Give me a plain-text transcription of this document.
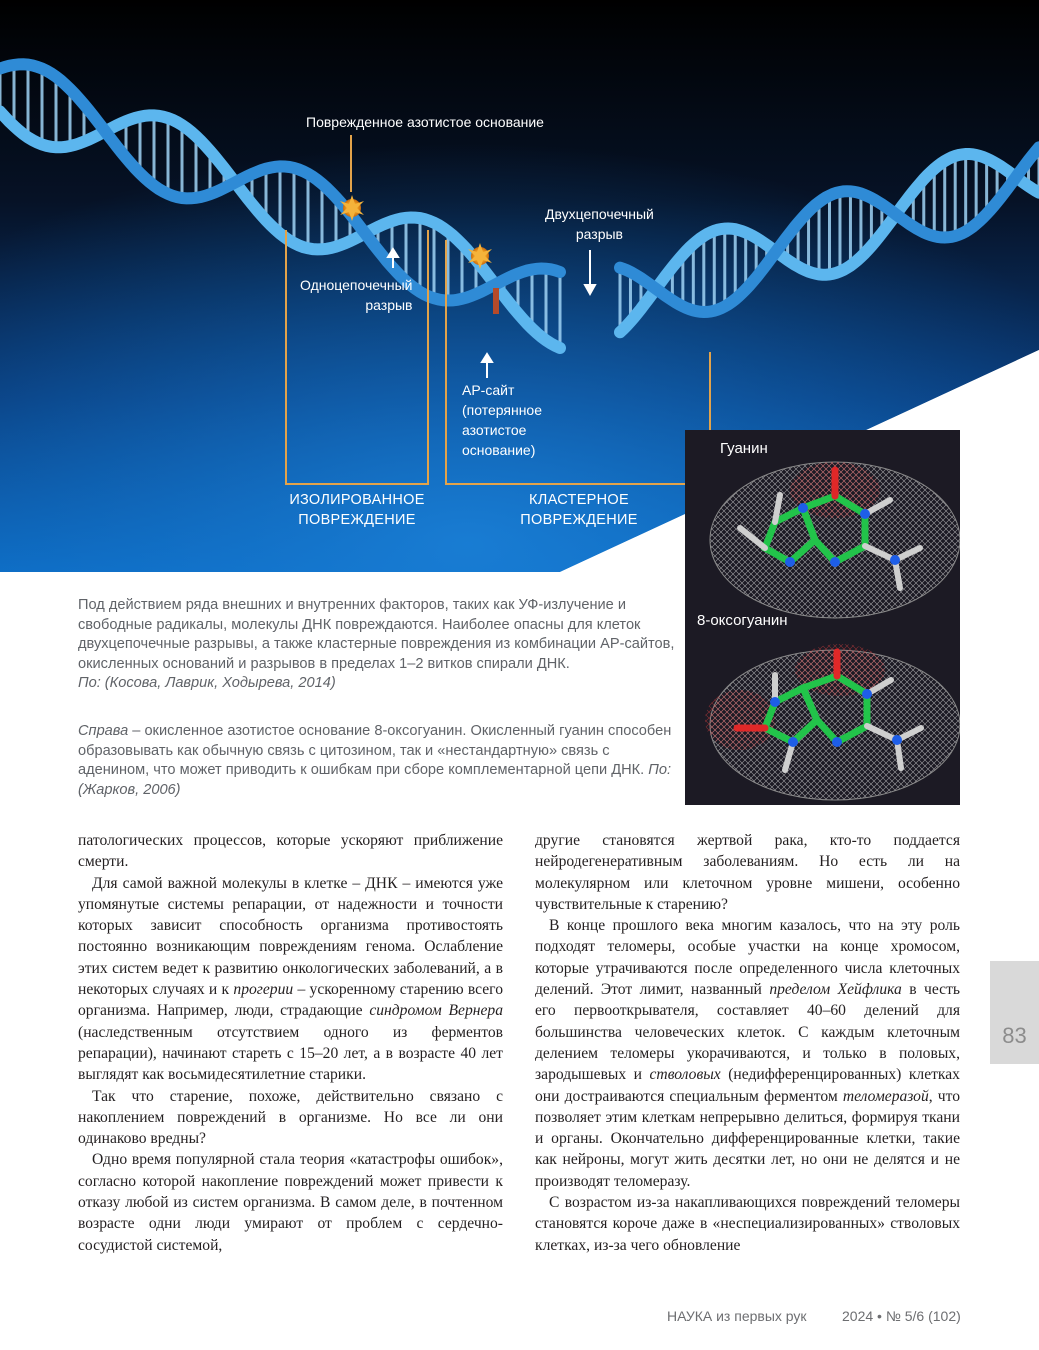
Поврежденное азотистое основание
Двухцепочечный
разрыв
Одноцепочечный
разрыв
АР-сайт
(потерянное
азотистое
основание)
ИЗОЛИРОВАННОЕ
ПОВРЕЖДЕНИЕ
КЛАСТЕРНОЕ ПОВРЕЖДЕНИЕ
Гуанин
8-оксогуанин
Под действием ряда внешних и внутренних факторов, таких как УФ-излучение и свободные радикалы, молекулы ДНК повреждаются. Наиболее опасны для клеток двухцепочечные разрывы, а также кластерные повреждения из комбинации АР-сайтов, окисленных оснований и разрывов в пределах 1–2 витков спирали ДНК.
По: (Косова, Лаврик, Ходырева, 2014)
Справа – окисленное азотистое основание 8-оксогуанин. Окисленный гуанин способен образовывать как обычную связь с цитозином, так и «нестандартную» связь с аденином, что может приводить к ошибкам при сборе комплементарной цепи ДНК. По: (Жарков, 2006)

патологических процессов, которые ускоряют приближение смерти.

Для самой важной молекулы в клетке – ДНК – имеются уже упомянутые системы репарации, от надежности и точности которых зависит способность организма противостоять постоянно возникающим повреждениям генома. Ослабление этих систем ведет к развитию онкологических заболеваний, а в некоторых случаях и к прогерии – ускоренному старению всего организма. Например, люди, страдающие синдромом Вернера (наследственным отсутствием одного из ферментов репарации), начинают стареть с 15–20 лет, а в возрасте 40 лет выглядят как восьмидесятилетние старики.

Так что старение, похоже, действительно связано с накоплением повреждений в организме. Но все ли они одинаково вредны?

Одно время популярной стала теория «катастрофы ошибок», согласно которой накопление повреждений может привести к отказу любой из систем организма. В самом деле, в почтенном возрасте одни люди умирают от проблем с сердечно-сосудистой системой,

другие становятся жертвой рака, кто-то поддается нейродегенеративным заболеваниям. Но есть ли на молекулярном или клеточном уровне мишени, особенно чувствительные к старению?

В конце прошлого века многим казалось, что на эту роль подходят теломеры, особые участки на конце хромосом, которые утрачиваются после определенного числа клеточных делений. Этот лимит, названный пределом Хейфлика в честь его первооткрывателя, составляет 40–60 делений для большинства человеческих клеток. С каждым клеточным делением теломеры укорачиваются, и только в половых, зародышевых и стволовых (недифференцированных) клетках они достраиваются специальным ферментом теломеразой, что позволяет этим клеткам непрерывно делиться, формируя ткани и органы. Окончательно дифференцированные клетки, такие как нейроны, могут жить десятки лет, но они не делятся и не производят теломеразу.

С возрастом из-за накапливающихся повреждений теломеры становятся короче даже в «неспециализированных» стволовых клетках, из-за чего обновление

83
НАУКА из первых рук	2024 • № 5/6 (102)
